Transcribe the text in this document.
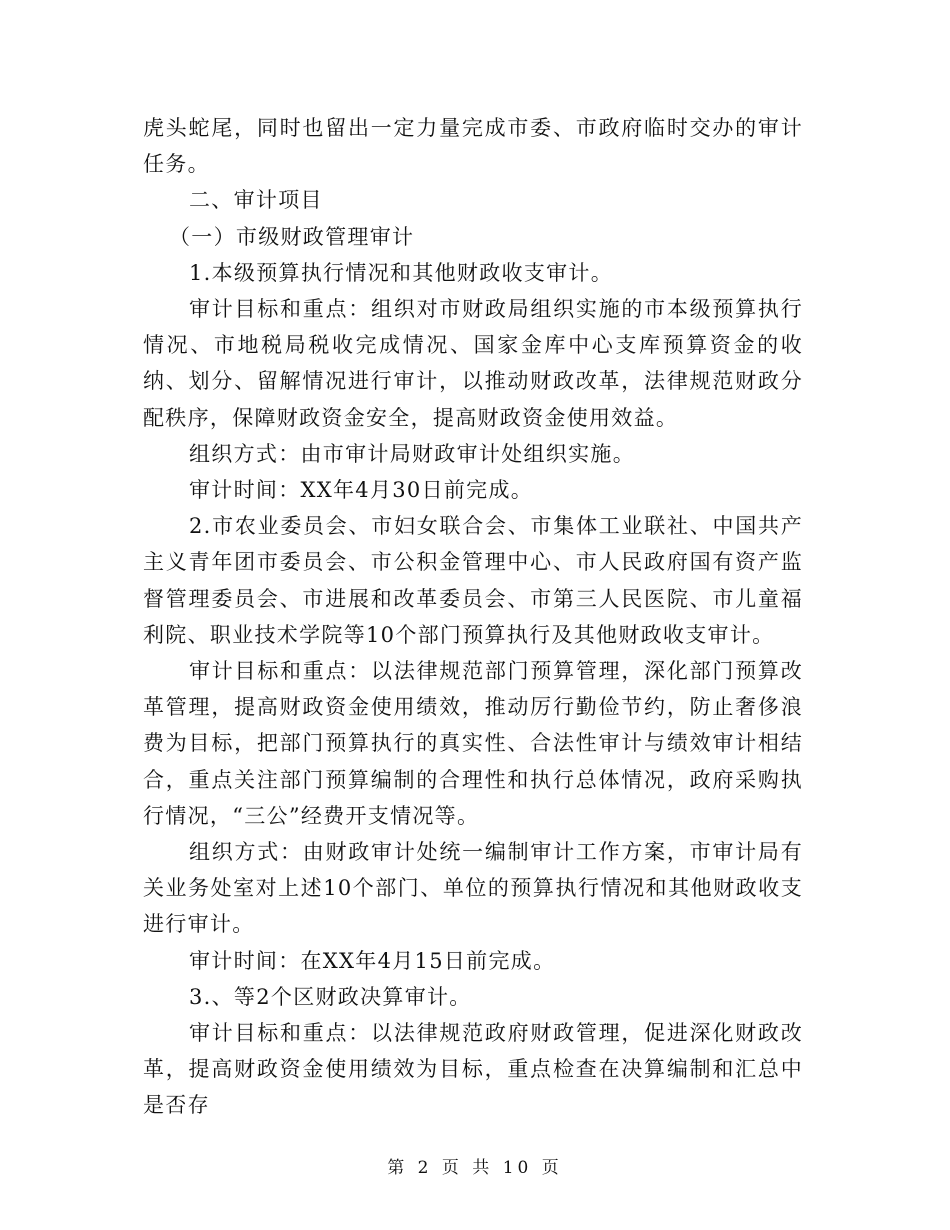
虎头蛇尾，同时也留出一定力量完成市委、市政府临时交办的审计任务。

二、审计项目

（一）市级财政管理审计

1.本级预算执行情况和其他财政收支审计。

审计目标和重点：组织对市财政局组织实施的市本级预算执行情况、市地税局税收完成情况、国家金库中心支库预算资金的收纳、划分、留解情况进行审计，以推动财政改革，法律规范财政分配秩序，保障财政资金安全，提高财政资金使用效益。

组织方式：由市审计局财政审计处组织实施。

审计时间：XX年4月30日前完成。

2.市农业委员会、市妇女联合会、市集体工业联社、中国共产主义青年团市委员会、市公积金管理中心、市人民政府国有资产监督管理委员会、市进展和改革委员会、市第三人民医院、市儿童福利院、职业技术学院等10个部门预算执行及其他财政收支审计。

审计目标和重点：以法律规范部门预算管理，深化部门预算改革管理，提高财政资金使用绩效，推动厉行勤俭节约，防止奢侈浪费为目标，把部门预算执行的真实性、合法性审计与绩效审计相结合，重点关注部门预算编制的合理性和执行总体情况，政府采购执行情况，“三公”经费开支情况等。

组织方式：由财政审计处统一编制审计工作方案，市审计局有关业务处室对上述10个部门、单位的预算执行情况和其他财政收支进行审计。

审计时间：在XX年4月15日前完成。

3.、等2个区财政决算审计。

审计目标和重点：以法律规范政府财政管理，促进深化财政改革，提高财政资金使用绩效为目标，重点检查在决算编制和汇总中是否存

第 2 页 共 10 页
